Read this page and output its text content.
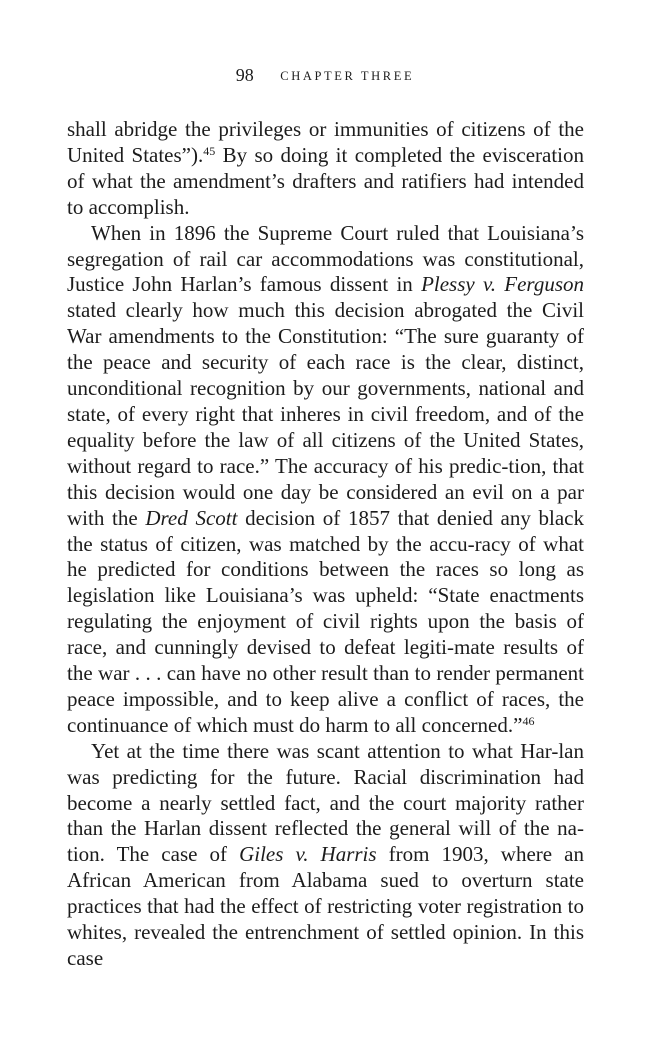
98 CHAPTER THREE

shall abridge the privileges or immunities of citizens of the United States”).$^{45}$ By so doing it completed the evisceration of what the amendment’s drafters and ratifiers had intended to accomplish.

When in 1896 the Supreme Court ruled that Louisiana’s segregation of rail car accommodations was constitutional, Justice John Harlan’s famous dissent in Plessy v. Ferguson stated clearly how much this decision abrogated the Civil War amendments to the Constitution: “The sure guaranty of the peace and security of each race is the clear, distinct, unconditional recognition by our governments, national and state, of every right that inheres in civil freedom, and of the equality before the law of all citizens of the United States, without regard to race.” The accuracy of his predic-tion, that this decision would one day be considered an evil on a par with the Dred Scott decision of 1857 that denied any black the status of citizen, was matched by the accu-racy of what he predicted for conditions between the races so long as legislation like Louisiana’s was upheld: “State enactments regulating the enjoyment of civil rights upon the basis of race, and cunningly devised to defeat legiti-mate results of the war . . . can have no other result than to render permanent peace impossible, and to keep alive a conflict of races, the continuance of which must do harm to all concerned.”$^{46}$

Yet at the time there was scant attention to what Har-lan was predicting for the future. Racial discrimination had become a nearly settled fact, and the court majority rather than the Harlan dissent reflected the general will of the na-tion. The case of Giles v. Harris from 1903, where an African American from Alabama sued to overturn state practices that had the effect of restricting voter registration to whites, revealed the entrenchment of settled opinion. In this case
